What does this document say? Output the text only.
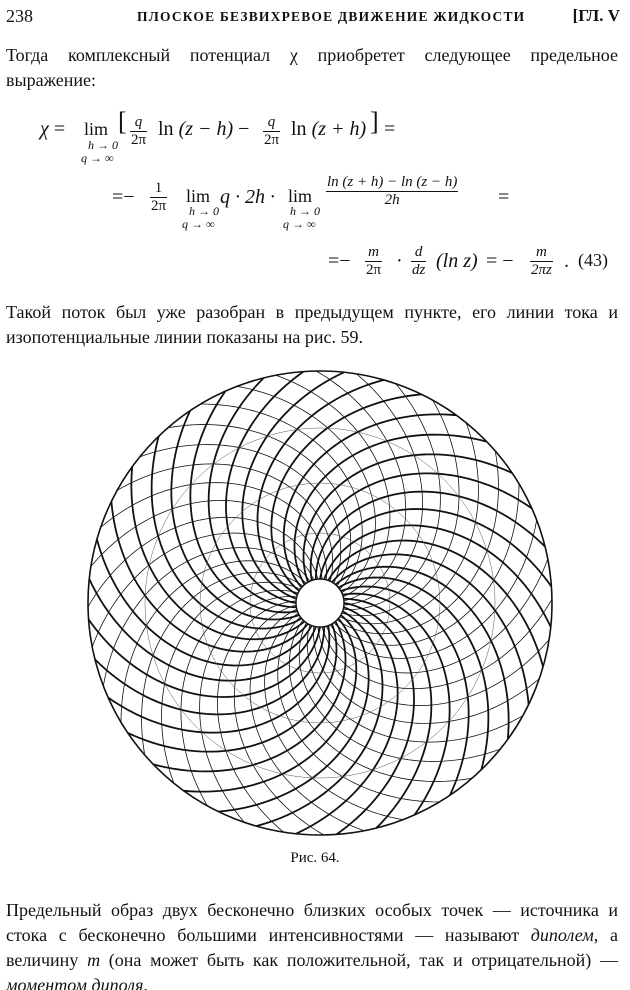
238	ПЛОСКОЕ БЕЗВИХРЕВОЕ ДВИЖЕНИЕ ЖИДКОСТИ	[ГЛ. V
Тогда комплексный потенциал χ приобретет следующее предельное выражение:
χ = lim
h → 0
q → ∞
[ $\frac{q}{2\pi}$ $\ln (z - h) - \frac{q}{2\pi}$ ln (z + h) ] =
=− $\frac{1}{2\pi}$ lim
h → 0
q → ∞
q · 2h · lim
h → 0
q → ∞
$\frac{\ln (z + h) - \ln (z - h)}{2h}$ =
=− $\frac{m}{2\pi} \cdot \frac{d}{dz} (\ln$ z) = − $\frac{m}{2\pi z}$ . (43)
Такой поток был уже разобран в предыдущем пункте, его линии тока и изопотенциальные линии показаны на рис. 59.
Рис. 64.
Предельный образ двух бесконечно близких особых точек — источника и стока с бесконечно большими интенсивностями — называют диполем, а величину m (она может быть как положительной, так и отрицательной) — моментом диполя.
